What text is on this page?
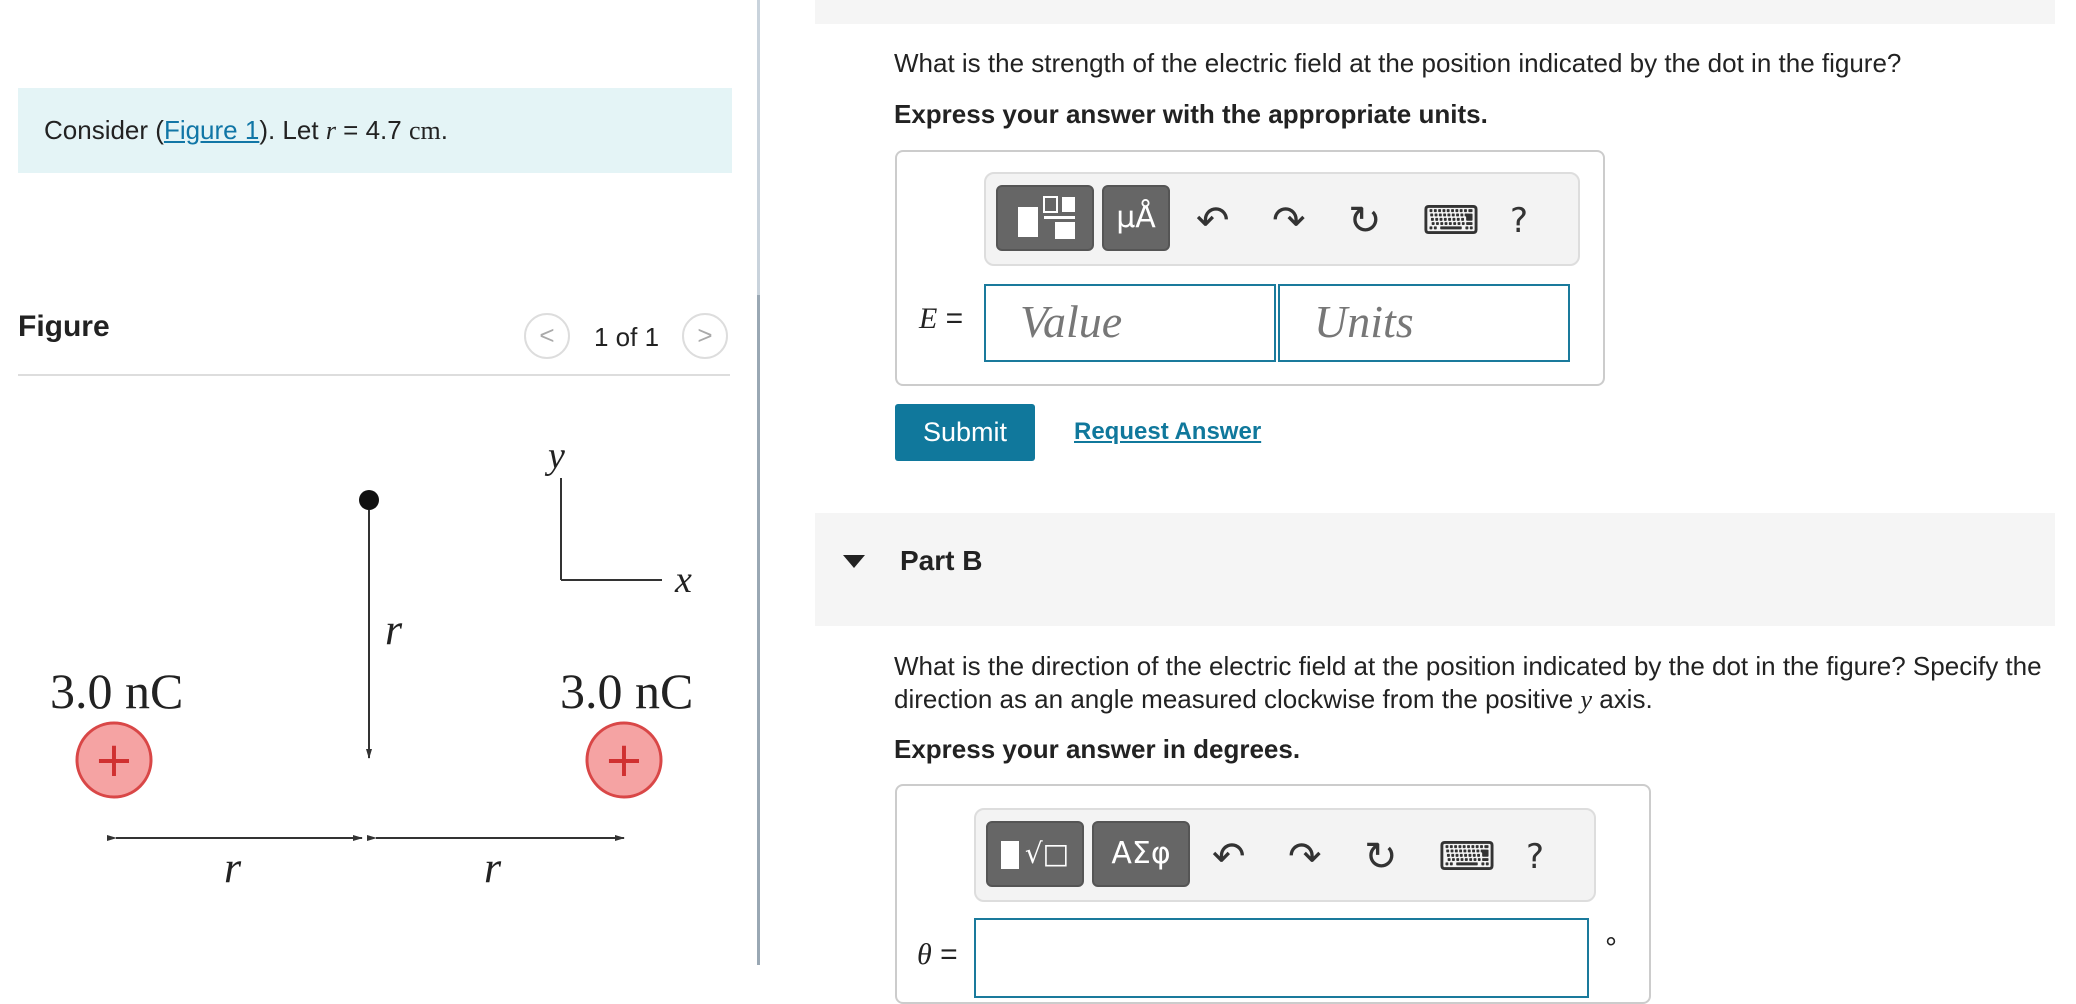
Consider (Figure 1). Let r = 4.7 cm.
Figure	<	1 of 1	>
r
y
x
3.0 nC	3.0 nC
+	+
r	r
What is the strength of the electric field at the position indicated by the dot in the figure?
Express your answer with the appropriate units.
μÅ	↶ ↷ ↻ ⌨ ?
E =	Value	Units
Submit	Request Answer
Part B
What is the direction of the electric field at the position indicated by the dot in the figure? Specify the
direction as an angle measured clockwise from the positive y axis.
Express your answer in degrees.
√□	ΑΣφ	↶ ↷ ↻ ⌨ ?
θ =	°
